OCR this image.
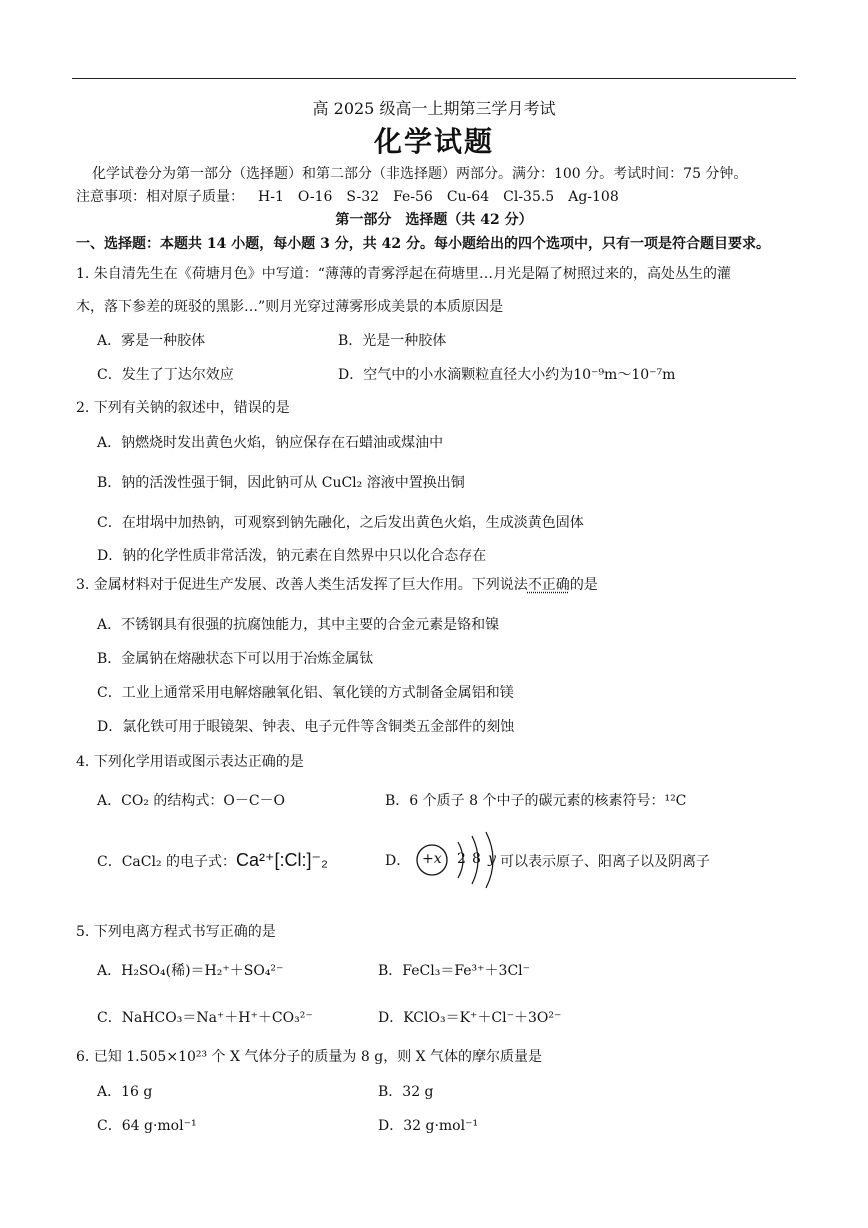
高 2025 级高一上期第三学月考试
化学试题
化学试卷分为第一部分（选择题）和第二部分（非选择题）两部分。满分：100 分。考试时间：75 分钟。
注意事项：相对原子质量： H-1 O-16 S-32 Fe-56 Cu-64 Cl-35.5 Ag-108
第一部分　选择题（共 42 分）
一、选择题：本题共 14 小题，每小题 3 分，共 42 分。每小题给出的四个选项中，只有一项是符合题目要求。
1. 朱自清先生在《荷塘月色》中写道：“薄薄的青雾浮起在荷塘里…月光是隔了树照过来的，高处丛生的灌
木，落下参差的斑驳的黑影…”则月光穿过薄雾形成美景的本质原因是
A．雾是一种胶体	B．光是一种胶体
C．发生了丁达尔效应	D．空气中的小水滴颗粒直径大小约为10⁻⁹m～10⁻⁷m
2. 下列有关钠的叙述中，错误的是
A．钠燃烧时发出黄色火焰，钠应保存在石蜡油或煤油中
B．钠的活泼性强于铜，因此钠可从 CuCl₂ 溶液中置换出铜
C．在坩埚中加热钠，可观察到钠先融化，之后发出黄色火焰，生成淡黄色固体
D．钠的化学性质非常活泼，钠元素在自然界中只以化合态存在
3. 金属材料对于促进生产发展、改善人类生活发挥了巨大作用。下列说法不正确的是
A．不锈钢具有很强的抗腐蚀能力，其中主要的合金元素是铬和镍
B．金属钠在熔融状态下可以用于冶炼金属钛
C．工业上通常采用电解熔融氧化铝、氧化镁的方式制备金属铝和镁
D．氯化铁可用于眼镜架、钟表、电子元件等含铜类五金部件的刻蚀
4. 下列化学用语或图示表达正确的是
A．CO₂ 的结构式：O－C－O	B．6 个质子 8 个中子的碳元素的核素符号：¹²C
C．CaCl₂ 的电子式：Ca²⁺[:Cl:]⁻₂	D． +x 2 8 y 可以表示原子、阳离子以及阴离子
5. 下列电离方程式书写正确的是
A．H₂SO₄(稀)＝H₂⁺＋SO₄²⁻	B．FeCl₃＝Fe³⁺＋3Cl⁻
C．NaHCO₃＝Na⁺＋H⁺＋CO₃²⁻	D．KClO₃＝K⁺＋Cl⁻＋3O²⁻
6. 已知 1.505×10²³ 个 X 气体分子的质量为 8 g，则 X 气体的摩尔质量是
A．16 g	B．32 g
C．64 g·mol⁻¹	D．32 g·mol⁻¹
